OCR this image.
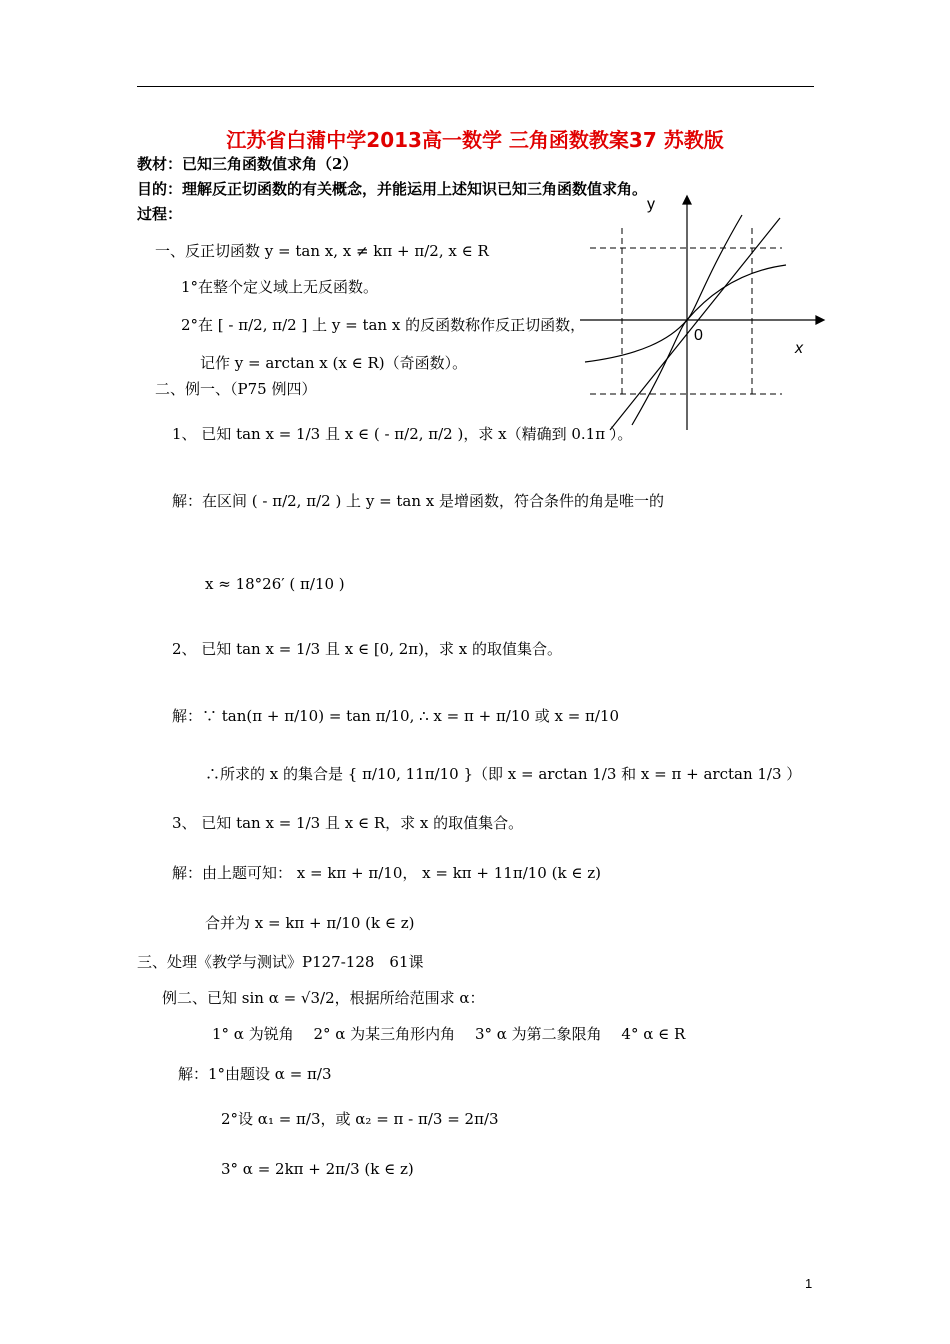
江苏省白蒲中学2013高一数学 三角函数教案37 苏教版
教材：已知三角函数值求角（2）
目的：理解反正切函数的有关概念，并能运用上述知识已知三角函数值求角。
过程：
一、反正切函数 y = tan x, x ≠ kπ + π/2, x ∈ R
1°在整个定义域上无反函数。
2°在 [ - π/2, π/2 ] 上 y = tan x 的反函数称作反正切函数，
记作 y = arctan x (x ∈ R)（奇函数）。
二、例一、（P75 例四）
1、 已知 tan x = 1/3 且 x ∈ ( - π/2, π/2 )，求 x（精确到 0.1π ）。
解：在区间 ( - π/2, π/2 ) 上 y = tan x 是增函数，符合条件的角是唯一的
x ≈ 18°26′ ( π/10 )
2、 已知 tan x = 1/3 且 x ∈ [0, 2π)，求 x 的取值集合。
解：∵ tan(π + π/10) = tan π/10, ∴ x = π + π/10 或 x = π/10
∴所求的 x 的集合是 { π/10, 11π/10 }（即 x = arctan 1/3 和 x = π + arctan 1/3 ）
3、 已知 tan x = 1/3 且 x ∈ R，求 x 的取值集合。
解：由上题可知： x = kπ + π/10， x = kπ + 11π/10 (k ∈ z)
合并为 x = kπ + π/10 (k ∈ z)
三、处理《教学与测试》P127-128　61课
例二、已知 sin α = √3/2，根据所给范围求 α：
1° α 为锐角　 2° α 为某三角形内角　 3° α 为第二象限角　 4° α ∈ R
解：1°由题设 α = π/3
2°设 α₁ = π/3，或 α₂ = π - π/3 = 2π/3
3° α = 2kπ + 2π/3 (k ∈ z)
y
x
0
1
